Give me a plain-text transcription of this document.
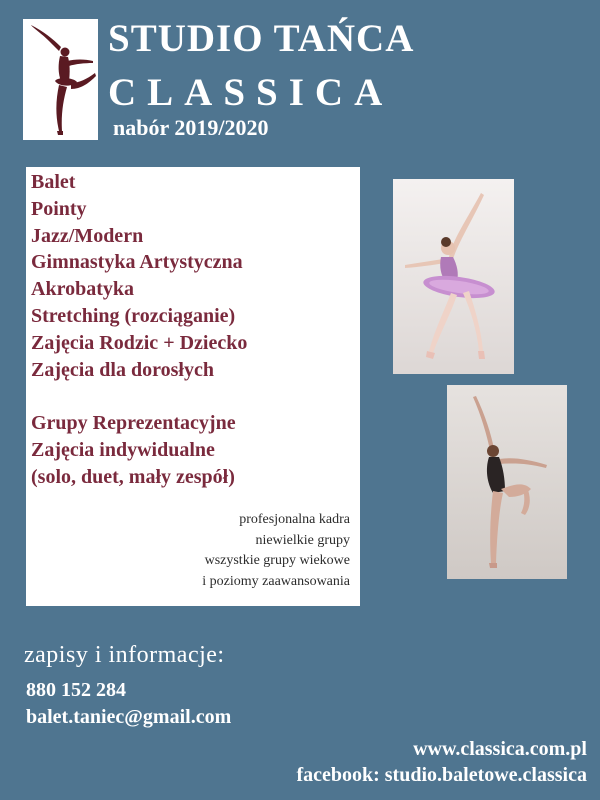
STUDIO TAŃCA
CLASSICA
nabór 2019/2020
Balet
Pointy
Jazz/Modern
Gimnastyka Artystyczna
Akrobatyka
Stretching (rozciąganie)
Zajęcia Rodzic + Dziecko
Zajęcia dla dorosłych
Grupy Reprezentacyjne
Zajęcia indywidualne
(solo, duet, mały zespół)
profesjonalna kadra
niewielkie grupy
wszystkie grupy wiekowe
i poziomy zaawansowania
zapisy i informacje:
880 152 284
balet.taniec@gmail.com
www.classica.com.pl
facebook: studio.baletowe.classica
